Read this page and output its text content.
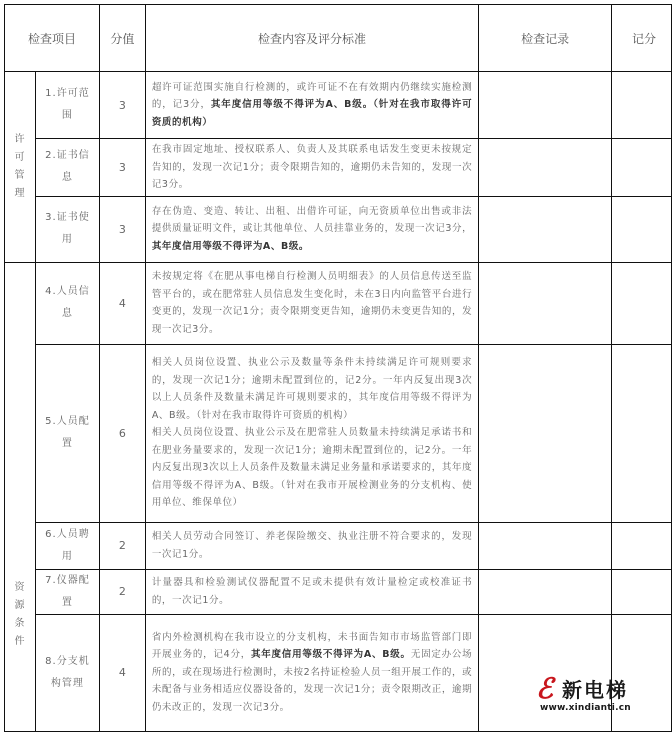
检查项目		分值	检查内容及评分标准	检查记录	记分

许可管理	1.许可范围	3	超许可证范围实施自行检测的，或许可证不在有效期内仍继续实施检测的，记3分，其年度信用等级不得评为A、B级。（针对在我市取得许可资质的机构）		
	2.证书信息	3	在我市固定地址、授权联系人、负责人及其联系电话发生变更未按规定告知的，发现一次记1分；责令限期告知的，逾期仍未告知的，发现一次记3分。		
	3.证书使用	3	存在伪造、变造、转让、出租、出借许可证，向无资质单位出售或非法提供质量证明文件，或让其他单位、人员挂靠业务的，发现一次记3分，其年度信用等级不得评为A、B级。		

资源条件	4.人员信息	4	未按规定将《在肥从事电梯自行检测人员明细表》的人员信息传送至监管平台的，或在肥常驻人员信息发生变化时，未在3日内向监管平台进行变更的，发现一次记1分；责令限期变更告知，逾期仍未变更告知的，发现一次记3分。		
	5.人员配置	6	相关人员岗位设置、执业公示及数量等条件未持续满足许可规则要求的，发现一次记1分；逾期未配置到位的，记2分。一年内反复出现3次以上人员条件及数量未满足许可规则要求的，其年度信用等级不得评为A、B级。（针对在我市取得许可资质的机构）
相关人员岗位设置、执业公示及在肥常驻人员数量未持续满足承诺书和在肥业务量要求的，发现一次记1分；逾期未配置到位的，记2分。一年内反复出现3次以上人员条件及数量未满足业务量和承诺要求的，其年度信用等级不得评为A、B级。（针对在我市开展检测业务的分支机构、使用单位、维保单位）		

	6.人员聘用	2	相关人员劳动合同签订、养老保险缴交、执业注册不符合要求的，发现一次记1分。		
	7.仪器配置	2	计量器具和检验测试仪器配置不足或未提供有效计量检定或校准证书的，一次记1分。		
	8.分支机构管理	4	省内外检测机构在我市设立的分支机构，未书面告知市市场监管部门即开展业务的，记4分，其年度信用等级不得评为A、B级。无固定办公场所的，或在现场进行检测时，未按2名持证检验人员一组开展工作的，或未配备与业务相适应仪器设备的，发现一次记1分；责令限期改正，逾期仍未改正的，发现一次记3分。		
ℰ 新电梯
www.xindianti.cn
